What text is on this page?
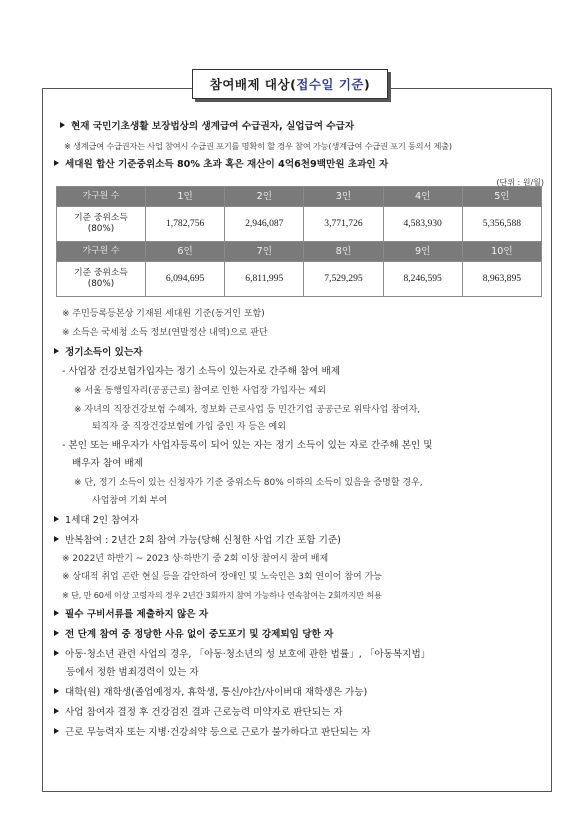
참여배제 대상( 접수일 기준 )
현재 국민기초생활 보장법상의 생계급여 수급권자, 실업급여 수급자
※ 생계급여 수급권자는 사업 참여시 수급권 포기를 명확히 할 경우 참여 가능(생계급여 수급권 포기 동의서 제출)
세대원 합산 기준중위소득 80% 초과 혹은 재산이 4억6천9백만원 초과인 자
(단위 : 원/월)
가구원 수	1인	2인	3인	4인	5인
기준 중위소득
(80%)	1,782,756	2,946,087	3,771,726	4,583,930	5,356,588
가구원 수	6인	7인	8인	9인	10인
기준 중위소득
(80%)	6,094,695	6,811,995	7,529,295	8,246,595	8,963,895
※ 주민등록등본상 기재된 세대원 기준(동거인 포함)
※ 소득은 국세청 소득 정보(연말정산 내역)으로 판단
정기소득이 있는자
- 사업장 건강보험가입자는 정기 소득이 있는자로 간주해 참여 배제
※ 서울 동행일자리(공공근로) 참여로 인한 사업장 가입자는 제외
※ 자녀의 직장건강보험 수혜자, 정보화 근로사업 등 민간기업 공공근로 위탁사업 참여자,
퇴직자 중 직장건강보험에 가입 중인 자 등은 예외
- 본인 또는 배우자가 사업자등록이 되어 있는 자는 정기 소득이 있는 자로 간주해 본인 및
배우자 참여 배제
※ 단, 정기 소득이 있는 신청자가 기준 중위소득 80% 이하의 소득이 있음을 증명할 경우,
사업참여 기회 부여
1세대 2인 참여자
반복참여 : 2년간 2회 참여 가능(당해 신청한 사업 기간 포함 기준)
※ 2022년 하반기 ~ 2023 상·하반기 중 2회 이상 참여시 참여 배제
※ 상대적 취업 곤란 현실 등을 감안하여 장애인 및 노숙인은 3회 연이어 참여 가능
※ 단, 만 60세 이상 고령자의 경우 2년간 3회까지 참여 가능하나 연속참여는 2회까지만 허용
필수 구비서류를 제출하지 않은 자
전 단계 참여 중 정당한 사유 없이 중도포기 및 강제퇴임 당한 자
아동·청소년 관련 사업의 경우, 「아동·청소년의 성 보호에 관한 법률」, 「아동복지법」
등에서 정한 범죄경력이 있는 자
대학(원) 재학생(졸업예정자, 휴학생, 통신/야간/사이버대 재학생은 가능)
사업 참여자 결정 후 건강검진 결과 근로능력 미약자로 판단되는 자
근로 무능력자 또는 지병·건강쇠약 등으로 근로가 불가하다고 판단되는 자
